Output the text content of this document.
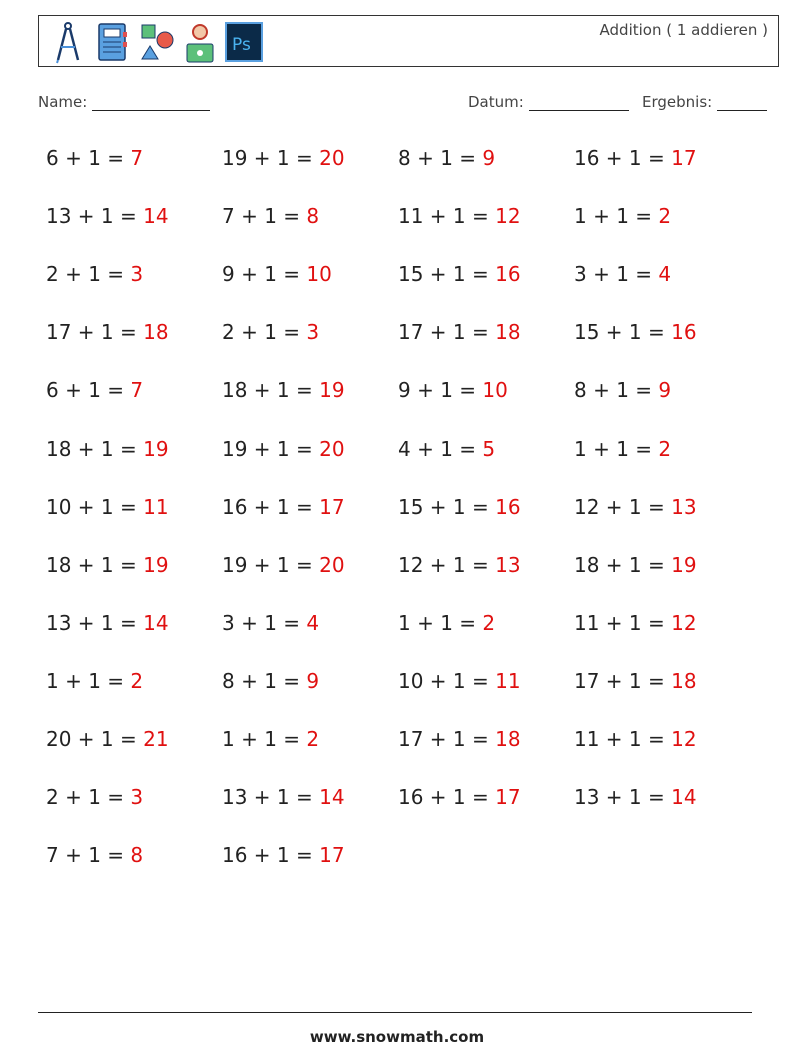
Ps
Addition ( 1 addieren )
Name:	Datum:	Ergebnis:
6 + 1 = 7	19 + 1 = 20	8 + 1 = 9	16 + 1 = 17
13 + 1 = 14	7 + 1 = 8	11 + 1 = 12	1 + 1 = 2
2 + 1 = 3	9 + 1 = 10	15 + 1 = 16	3 + 1 = 4
17 + 1 = 18	2 + 1 = 3	17 + 1 = 18	15 + 1 = 16
6 + 1 = 7	18 + 1 = 19	9 + 1 = 10	8 + 1 = 9
18 + 1 = 19	19 + 1 = 20	4 + 1 = 5	1 + 1 = 2
10 + 1 = 11	16 + 1 = 17	15 + 1 = 16	12 + 1 = 13
18 + 1 = 19	19 + 1 = 20	12 + 1 = 13	18 + 1 = 19
13 + 1 = 14	3 + 1 = 4	1 + 1 = 2	11 + 1 = 12
1 + 1 = 2	8 + 1 = 9	10 + 1 = 11	17 + 1 = 18
20 + 1 = 21	1 + 1 = 2	17 + 1 = 18	11 + 1 = 12
2 + 1 = 3	13 + 1 = 14	16 + 1 = 17	13 + 1 = 14
7 + 1 = 8	16 + 1 = 17
www.snowmath.com
